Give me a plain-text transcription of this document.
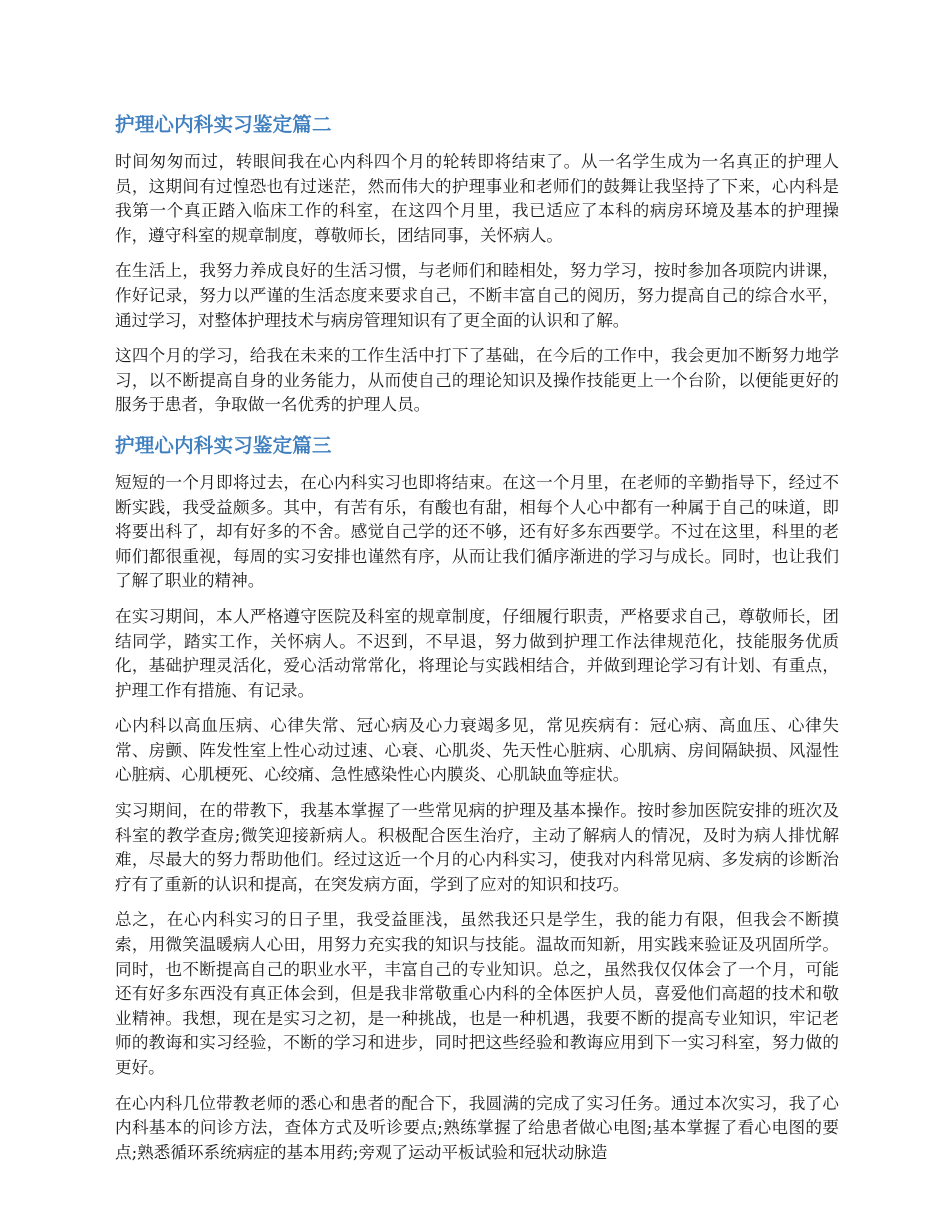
护理心内科实习鉴定篇二

时间匆匆而过，转眼间我在心内科四个月的轮转即将结束了。从一名学生成为一名真正的护理人员，这期间有过惶恐也有过迷茫，然而伟大的护理事业和老师们的鼓舞让我坚持了下来，心内科是我第一个真正踏入临床工作的科室，在这四个月里，我已适应了本科的病房环境及基本的护理操作，遵守科室的规章制度，尊敬师长，团结同事，关怀病人。

在生活上，我努力养成良好的生活习惯，与老师们和睦相处，努力学习，按时参加各项院内讲课，作好记录，努力以严谨的生活态度来要求自己，不断丰富自己的阅历，努力提高自己的综合水平，通过学习，对整体护理技术与病房管理知识有了更全面的认识和了解。

这四个月的学习，给我在未来的工作生活中打下了基础，在今后的工作中，我会更加不断努力地学习，以不断提高自身的业务能力，从而使自己的理论知识及操作技能更上一个台阶，以便能更好的服务于患者，争取做一名优秀的护理人员。

护理心内科实习鉴定篇三

短短的一个月即将过去，在心内科实习也即将结束。在这一个月里，在老师的辛勤指导下，经过不断实践，我受益颇多。其中，有苦有乐，有酸也有甜，相每个人心中都有一种属于自己的味道，即将要出科了，却有好多的不舍。感觉自己学的还不够，还有好多东西要学。不过在这里，科里的老师们都很重视，每周的实习安排也谨然有序，从而让我们循序渐进的学习与成长。同时，也让我们了解了职业的精神。

在实习期间，本人严格遵守医院及科室的规章制度，仔细履行职责，严格要求自己，尊敬师长，团结同学，踏实工作，关怀病人。不迟到，不早退，努力做到护理工作法律规范化，技能服务优质化，基础护理灵活化，爱心活动常常化，将理论与实践相结合，并做到理论学习有计划、有重点，护理工作有措施、有记录。

心内科以高血压病、心律失常、冠心病及心力衰竭多见，常见疾病有：冠心病、高血压、心律失常、房颤、阵发性室上性心动过速、心衰、心肌炎、先天性心脏病、心肌病、房间隔缺损、风湿性心脏病、心肌梗死、心绞痛、急性感染性心内膜炎、心肌缺血等症状。

实习期间，在的带教下，我基本掌握了一些常见病的护理及基本操作。按时参加医院安排的班次及科室的教学查房;微笑迎接新病人。积极配合医生治疗，主动了解病人的情况，及时为病人排忧解难，尽最大的努力帮助他们。经过这近一个月的心内科实习，使我对内科常见病、多发病的诊断治疗有了重新的认识和提高，在突发病方面，学到了应对的知识和技巧。

总之，在心内科实习的日子里，我受益匪浅，虽然我还只是学生，我的能力有限，但我会不断摸索，用微笑温暖病人心田，用努力充实我的知识与技能。温故而知新，用实践来验证及巩固所学。同时，也不断提高自己的职业水平，丰富自己的专业知识。总之，虽然我仅仅体会了一个月，可能还有好多东西没有真正体会到，但是我非常敬重心内科的全体医护人员，喜爱他们高超的技术和敬业精神。我想，现在是实习之初，是一种挑战，也是一种机遇，我要不断的提高专业知识，牢记老师的教诲和实习经验，不断的学习和进步，同时把这些经验和教诲应用到下一实习科室，努力做的更好。

在心内科几位带教老师的悉心和患者的配合下，我圆满的完成了实习任务。通过本次实习，我了心内科基本的问诊方法，查体方式及听诊要点;熟练掌握了给患者做心电图;基本掌握了看心电图的要点;熟悉循环系统病症的基本用药;旁观了运动平板试验和冠状动脉造
